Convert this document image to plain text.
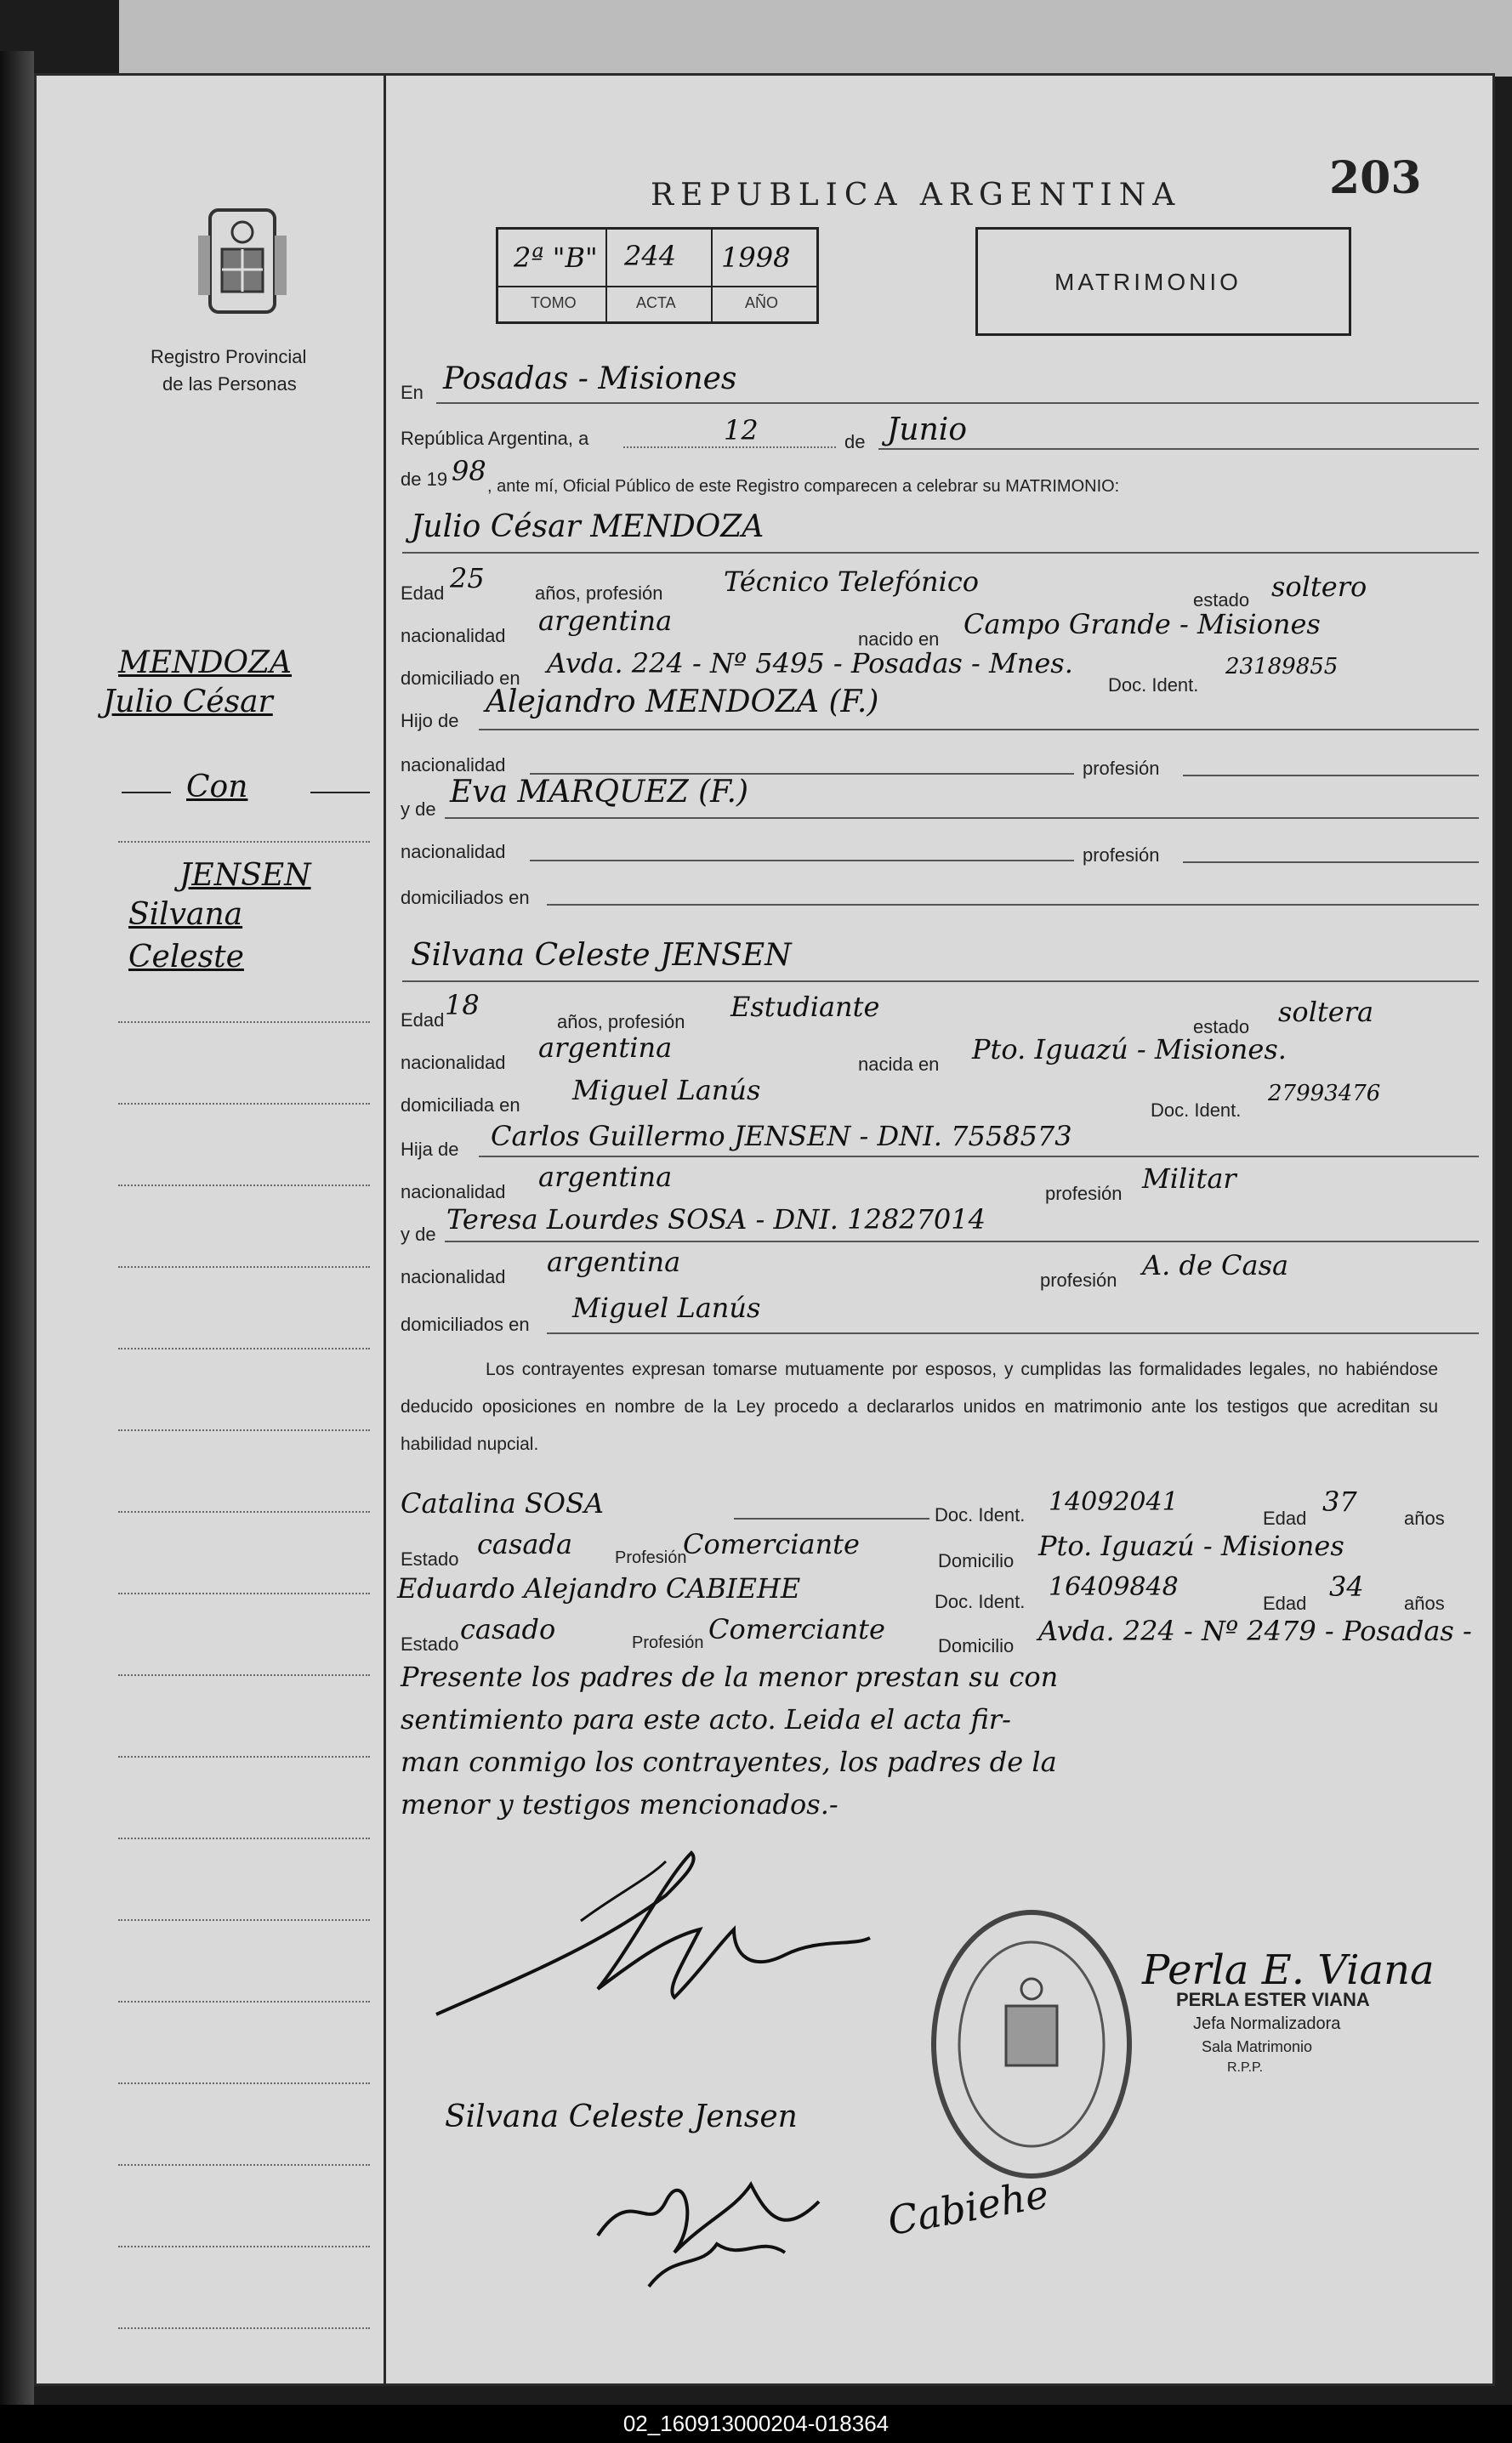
Registro Provincial
de las Personas
REPUBLICA ARGENTINA	203
2ª "B" 244 1998
TOMO	ACTA	AÑO
MATRIMONIO
MENDOZA
Julio César
Con
JENSEN
Silvana
Celeste
En Posadas - Misiones
República Argentina, a	12	de Junio
de 19 98 , ante mí, Oficial Público de este Registro comparecen a celebrar su MATRIMONIO:
Julio César MENDOZA
Edad 25	años, profesión Técnico Telefónico
estado soltero
nacionalidad argentina
nacido en Campo Grande - Misiones
domiciliado en Avda. 224 - Nº 5495 - Posadas - Mnes.
Doc. Ident.
23189855
Hijo de
Alejandro MENDOZA (F.)
nacionalidad	profesión
y de Eva MARQUEZ (F.)
nacionalidad	profesión
domiciliados en
Silvana Celeste JENSEN
Edad 18
años, profesión Estudiante
estado soltera
nacionalidad argentina
nacida en Pto. Iguazú - Misiones.
domiciliada en Miguel Lanús
Doc. Ident.
27993476
Hija de Carlos Guillermo JENSEN - DNI. 7558573
nacionalidad argentina
profesión Militar
y de Teresa Lourdes SOSA - DNI. 12827014
nacionalidad argentina
profesión A. de Casa
domiciliados en
Miguel Lanús
Los contrayentes expresan tomarse mutuamente por esposos, y cumplidas las formalidades legales, no habiéndose deducido oposiciones en nombre de la Ley procedo a declararlos unidos en matrimonio ante los testigos que acreditan su habilidad nupcial.
Catalina SOSA	Doc. Ident. 14092041
Edad
37
años
Estado casada Profesión
Comerciante
Domicilio Pto. Iguazú - Misiones
Eduardo Alejandro CABIEHE	Doc. Ident. 16409848
Edad
34
años
Estado casado	Profesión Comerciante
Domicilio Avda. 224 - Nº 2479 - Posadas -
Presente los padres de la menor prestan su con
sentimiento para este acto. Leida el acta fir-
man conmigo los contrayentes, los padres de la
menor y testigos mencionados.-
Perla E. Viana
PERLA ESTER VIANA
Jefa Normalizadora
Sala Matrimonio
R.P.P.
Silvana Celeste Jensen
Cabiehe
02_160913000204-018364
